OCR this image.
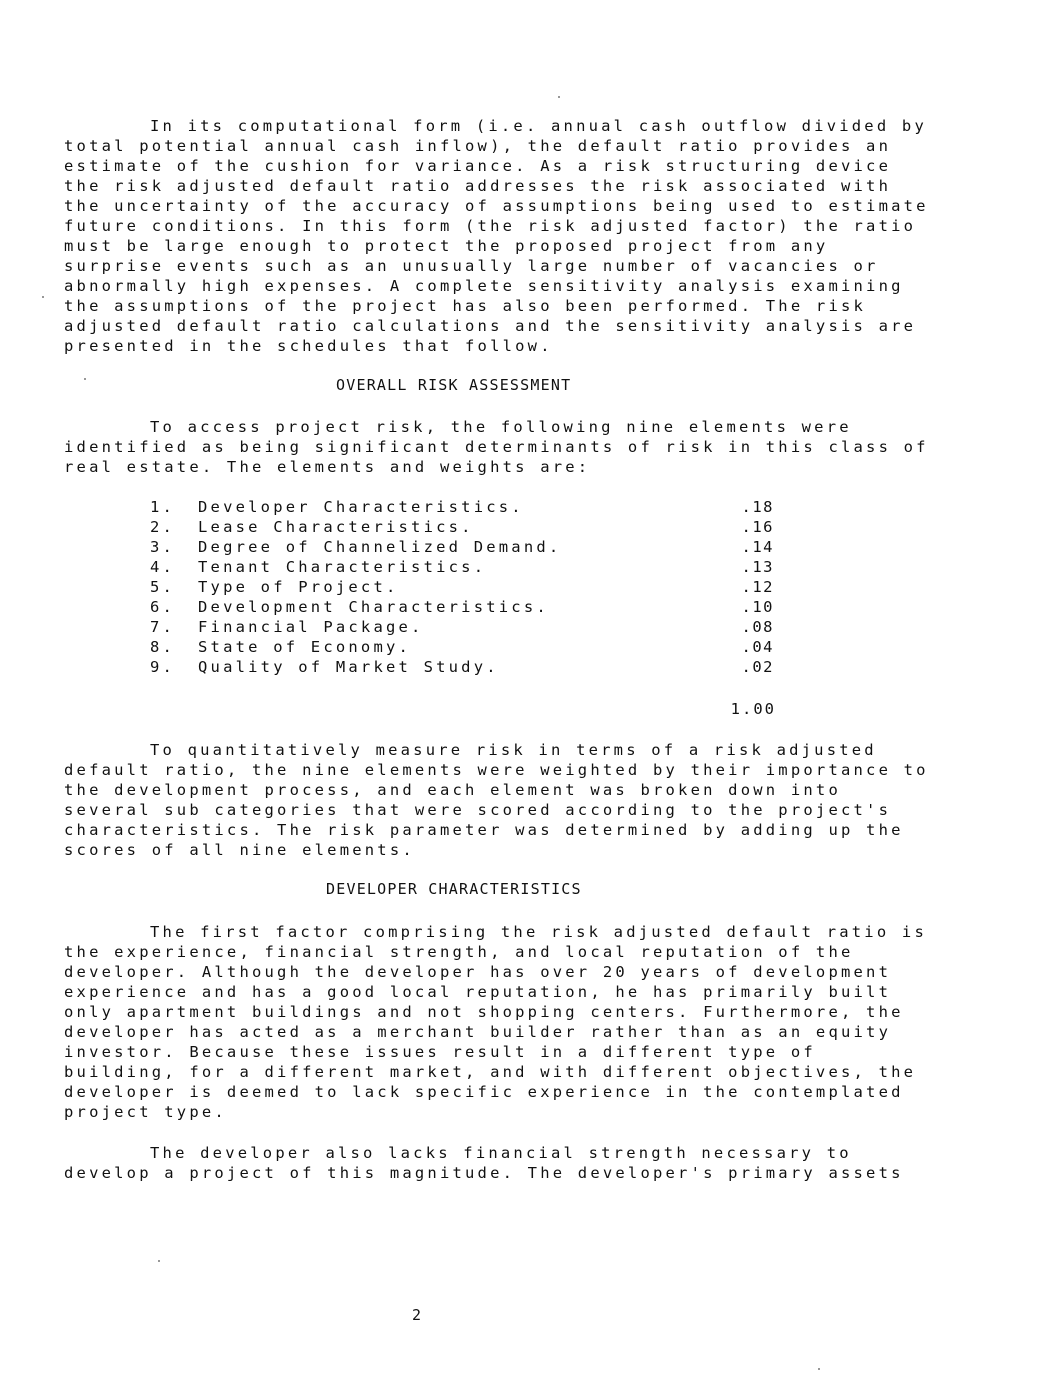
In its computational form (i.e. annual cash outflow divided by
total potential annual cash inflow), the default ratio provides an
estimate of the cushion for variance. As a risk structuring device
the risk adjusted default ratio addresses the risk associated with
the uncertainty of the accuracy of assumptions being used to estimate
future conditions. In this form (the risk adjusted factor) the ratio
must be large enough to protect the proposed project from any
surprise events such as an unusually large number of vacancies or
abnormally high expenses. A complete sensitivity analysis examining
the assumptions of the project has also been performed. The risk
adjusted default ratio calculations and the sensitivity analysis are
presented in the schedules that follow.
OVERALL RISK ASSESSMENT
To access project risk, the following nine elements were
identified as being significant determinants of risk in this class of
real estate. The elements and weights are:
1. Developer Characteristics.	.18
2. Lease Characteristics.	.16
3. Degree of Channelized Demand.	.14
4. Tenant Characteristics.	.13
5. Type of Project.	.12
6. Development Characteristics.	.10
7. Financial Package.	.08
8. State of Economy.	.04
9. Quality of Market Study.	.02
1.00
To quantitatively measure risk in terms of a risk adjusted
default ratio, the nine elements were weighted by their importance to
the development process, and each element was broken down into
several sub categories that were scored according to the project's
characteristics. The risk parameter was determined by adding up the
scores of all nine elements.
DEVELOPER CHARACTERISTICS
The first factor comprising the risk adjusted default ratio is
the experience, financial strength, and local reputation of the
developer. Although the developer has over 20 years of development
experience and has a good local reputation, he has primarily built
only apartment buildings and not shopping centers. Furthermore, the
developer has acted as a merchant builder rather than as an equity
investor. Because these issues result in a different type of
building, for a different market, and with different objectives, the
developer is deemed to lack specific experience in the contemplated
project type.
The developer also lacks financial strength necessary to
develop a project of this magnitude. The developer's primary assets
2
